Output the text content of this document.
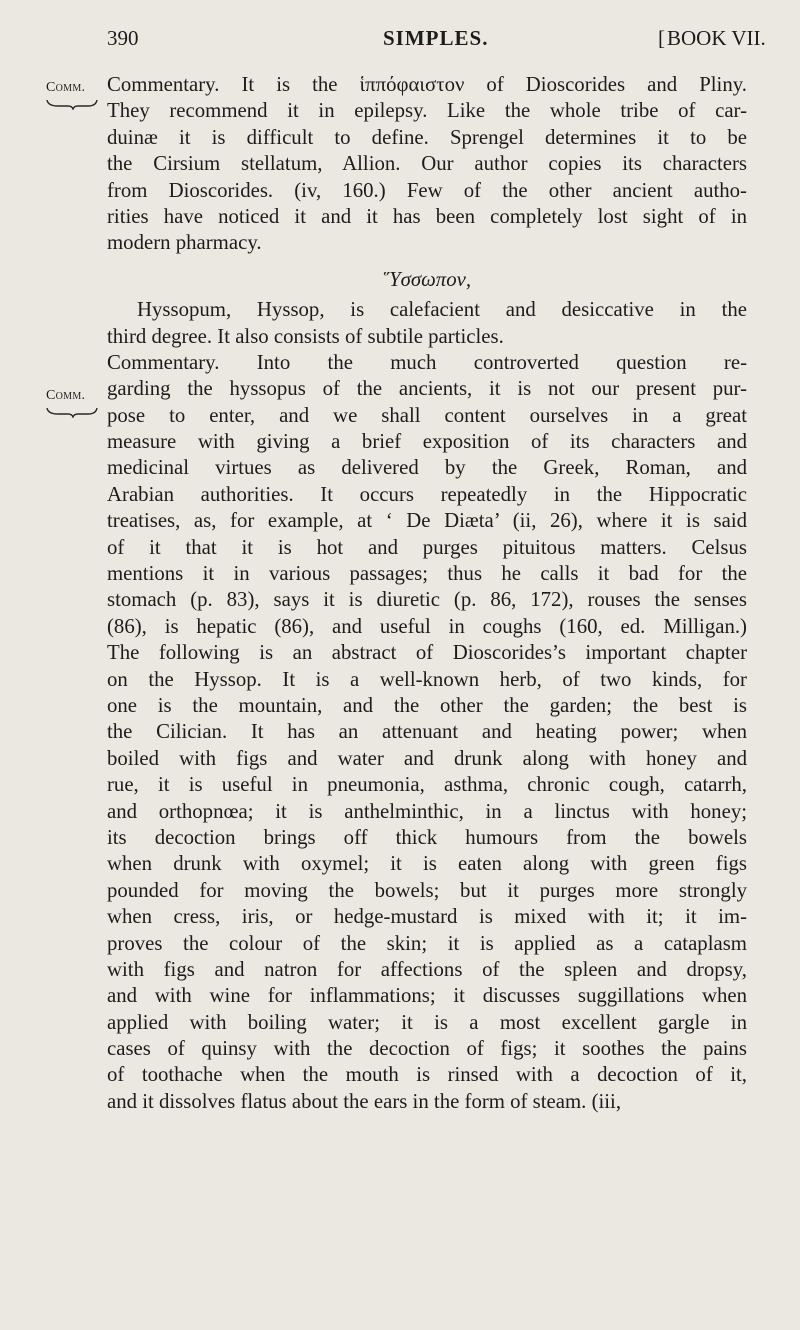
390	SIMPLES.	[BOOK VII.
Comm.
Comm.
Commentary. It is the ἱππόφαιστον of Dioscorides and Pliny.
They recommend it in epilepsy. Like the whole tribe of car-
duinæ it is difficult to define. Sprengel determines it to be
the Cirsium stellatum, Allion. Our author copies its characters
from Dioscorides. (iv, 160.) Few of the other ancient autho-
rities have noticed it and it has been completely lost sight of in
modern pharmacy.
Ὕσσωπον,
Hyssopum, Hyssop, is calefacient and desiccative in the
third degree. It also consists of subtile particles.
Commentary. Into the much controverted question re-
garding the hyssopus of the ancients, it is not our present pur-
pose to enter, and we shall content ourselves in a great
measure with giving a brief exposition of its characters and
medicinal virtues as delivered by the Greek, Roman, and
Arabian authorities. It occurs repeatedly in the Hippocratic
treatises, as, for example, at ‘ De Diæta’ (ii, 26), where it is said
of it that it is hot and purges pituitous matters. Celsus
mentions it in various passages; thus he calls it bad for the
stomach (p. 83), says it is diuretic (p. 86, 172), rouses the senses
(86), is hepatic (86), and useful in coughs (160, ed. Milligan.)
The following is an abstract of Dioscorides’s important chapter
on the Hyssop. It is a well-known herb, of two kinds, for
one is the mountain, and the other the garden; the best is
the Cilician. It has an attenuant and heating power; when
boiled with figs and water and drunk along with honey and
rue, it is useful in pneumonia, asthma, chronic cough, catarrh,
and orthopnœa; it is anthelminthic, in a linctus with honey;
its decoction brings off thick humours from the bowels
when drunk with oxymel; it is eaten along with green figs
pounded for moving the bowels; but it purges more strongly
when cress, iris, or hedge-mustard is mixed with it; it im-
proves the colour of the skin; it is applied as a cataplasm
with figs and natron for affections of the spleen and dropsy,
and with wine for inflammations; it discusses suggillations when
applied with boiling water; it is a most excellent gargle in
cases of quinsy with the decoction of figs; it soothes the pains
of toothache when the mouth is rinsed with a decoction of it,
and it dissolves flatus about the ears in the form of steam. (iii,
